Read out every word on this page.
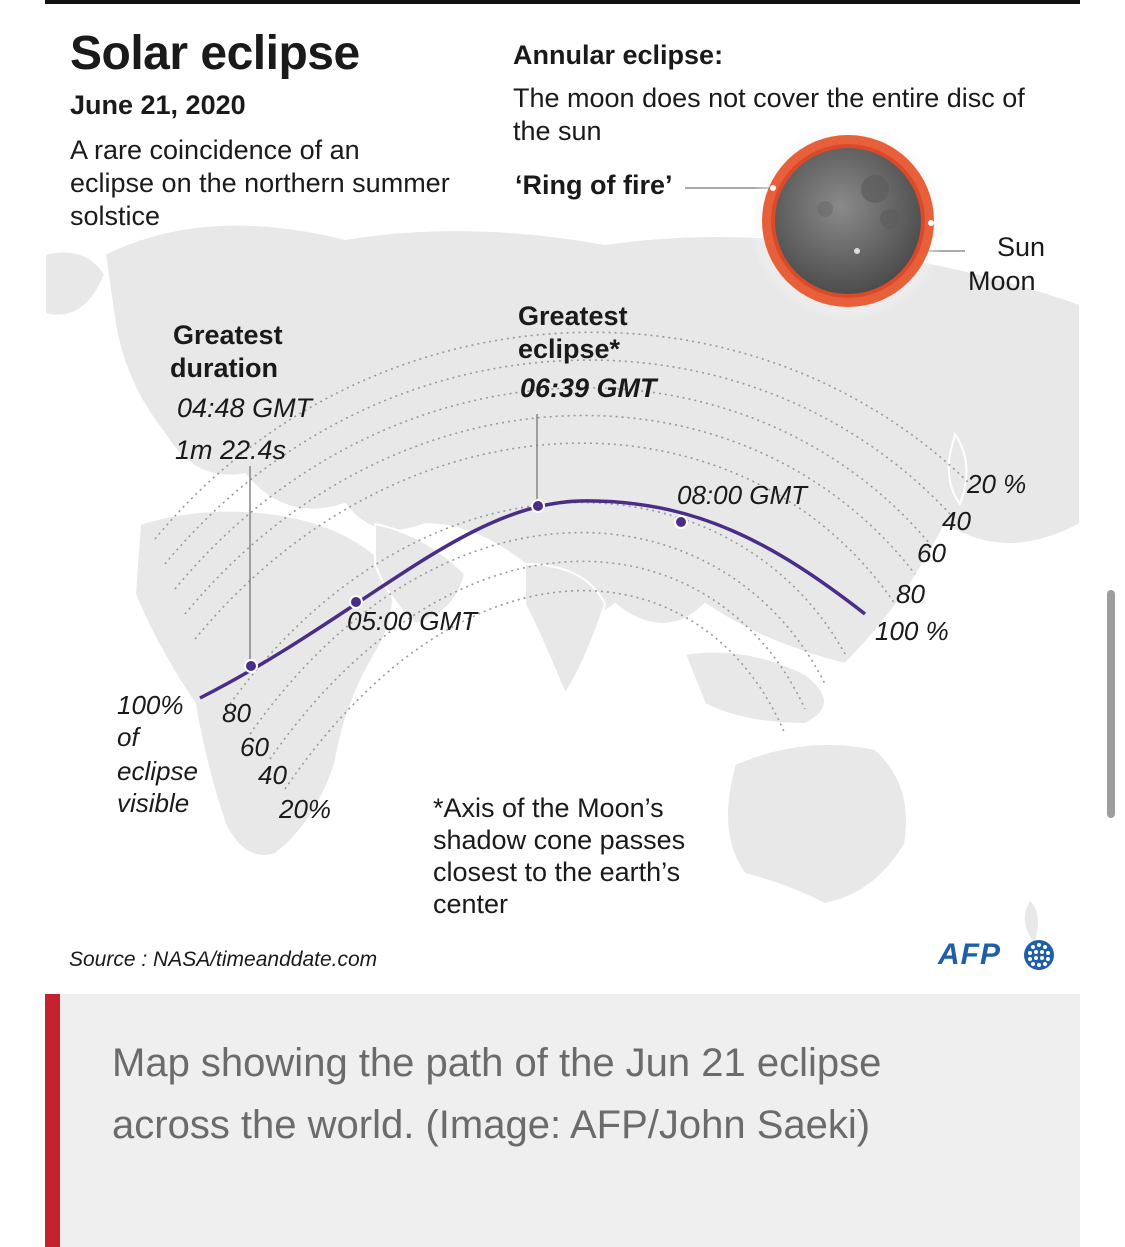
Solar eclipse
June 21, 2020
A rare coincidence of an eclipse on the northern summer solstice
Annular eclipse:
The moon does not cover the entire disc of the sun
‘Ring of fire’
Sun
Moon
Greatest
duration
04:48 GMT
1m 22.4s
Greatest
eclipse*
06:39 GMT
05:00 GMT
08:00 GMT	20 %
40
60
80
100 %
100%
of
eclipse
visible
80
60
40
20%	*Axis of the Moon’s
shadow cone passes
closest to the earth’s
center
Source : NASA/timeanddate.com	AFP
Map showing the path of the Jun 21 eclipse across the world. (Image: AFP/John Saeki)
